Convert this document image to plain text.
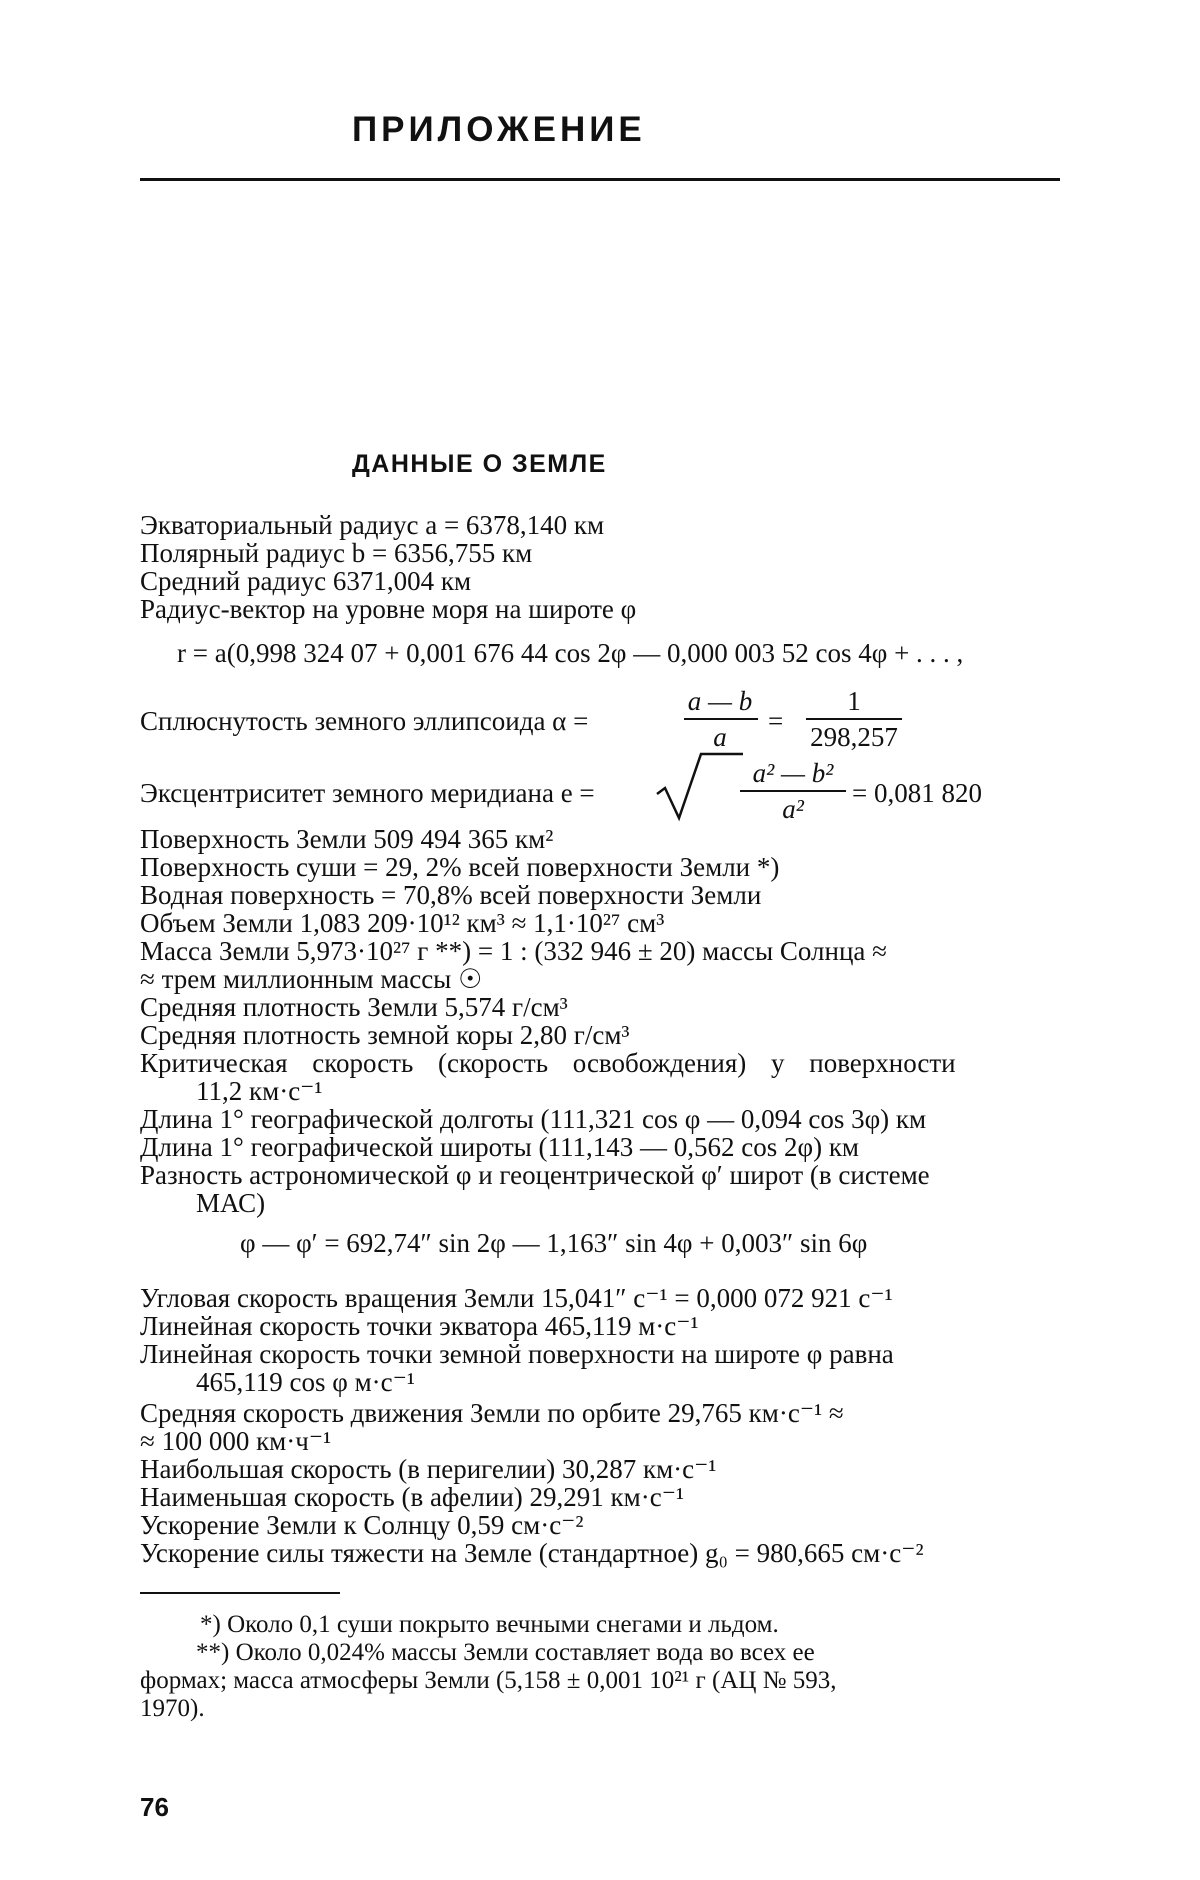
ПРИЛОЖЕНИЕ
ДАННЫЕ О ЗЕМЛЕ
Экваториальный радиус a = 6378,140 км
Полярный радиус b = 6356,755 км
Средний радиус 6371,004 км
Радиус-вектор на уровне моря на широте φ
r = a(0,998 324 07 + 0,001 676 44 cos 2φ — 0,000 003 52 cos 4φ + . . . ,
Сплюснутость земного эллипсоида α =
a — b
a
=
1
298,257
Эксцентриситет земного меридиана e =
a² — b²
a²
= 0,081 820
Поверхность Земли 509 494 365 км²
Поверхность суши = 29, 2% всей поверхности Земли *)
Водная поверхность = 70,8% всей поверхности Земли
Объем Земли 1,083 209·10¹² км³ ≈ 1,1·10²⁷ см³
Масса Земли 5,973·10²⁷ г **) = 1 : (332 946 ± 20) массы Солнца ≈
≈ трем миллионным массы ☉
Средняя плотность Земли 5,574 г/см³
Средняя плотность земной коры 2,80 г/см³
Критическая скорость (скорость освобождения) у поверхности
11,2 км·с⁻¹
Длина 1° географической долготы (111,321 cos φ — 0,094 cos 3φ) км
Длина 1° географической широты (111,143 — 0,562 cos 2φ) км
Разность астрономической φ и геоцентрической φ′ широт (в системе
МАС)
φ — φ′ = 692,74″ sin 2φ — 1,163″ sin 4φ + 0,003″ sin 6φ
Угловая скорость вращения Земли 15,041″ с⁻¹ = 0,000 072 921 с⁻¹
Линейная скорость точки экватора 465,119 м·с⁻¹
Линейная скорость точки земной поверхности на широте φ равна
465,119 cos φ м·с⁻¹
Средняя скорость движения Земли по орбите 29,765 км·с⁻¹ ≈
≈ 100 000 км·ч⁻¹
Наибольшая скорость (в перигелии) 30,287 км·с⁻¹
Наименьшая скорость (в афелии) 29,291 км·с⁻¹
Ускорение Земли к Солнцу 0,59 см·с⁻²
Ускорение силы тяжести на Земле (стандартное) g₀ = 980,665 см·с⁻²
*) Около 0,1 суши покрыто вечными снегами и льдом.
**) Около 0,024% массы Земли составляет вода во всех ее
формах; масса атмосферы Земли (5,158 ± 0,001 10²¹ г (АЦ № 593,
1970).
76
